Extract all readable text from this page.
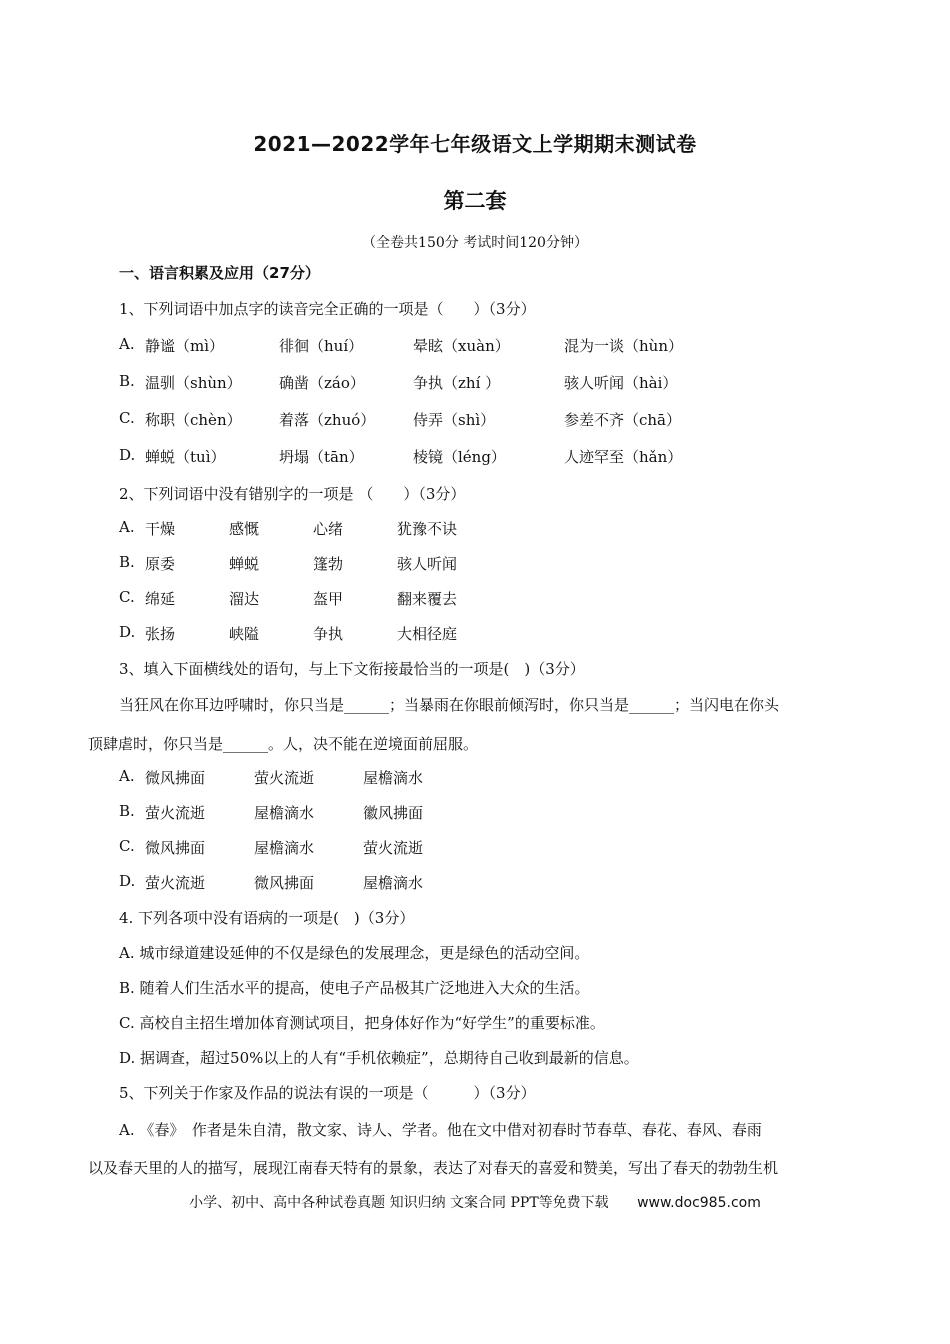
2021—2022学年七年级语文上学期期末测试卷
第二套
（全卷共150分 考试时间120分钟）
一、语言积累及应用（27分）
1、下列词语中加点字的读音完全正确的一项是（　　）（3分）
A. 静谧（mì）	徘徊（huí）	晕眩（xuàn）	混为一谈（hùn）
B. 温驯（shùn） 确凿（záo）	争执（zhí ）	骇人听闻（hài）
C. 称职（chèn） 着落（zhuó）	侍弄（shì）	参差不齐（chā）
D. 蝉蜕（tuì）	坍塌（tān）	棱镜（léng）	人迹罕至（hǎn）
2、下列词语中没有错别字的一项是 （　　）（3分）
A. 干燥	感慨	心绪	犹豫不诀
B. 原委	蝉蜕	篷勃	骇人听闻
C. 绵延	溜达	盔甲	翻来覆去
D. 张扬	峡隘	争执	大相径庭
3、填入下面横线处的语句，与上下文衔接最恰当的一项是(　)（3分）
当狂风在你耳边呼啸时，你只当是______；当暴雨在你眼前倾泻时，你只当是______；当闪电在你头
顶肆虐时，你只当是______。人，决不能在逆境面前屈服。
A. 微风拂面	萤火流逝	屋檐滴水
B. 萤火流逝	屋檐滴水	徽风拂面
C. 微风拂面	屋檐滴水	萤火流逝
D. 萤火流逝	微风拂面	屋檐滴水
4. 下列各项中没有语病的一项是(　)（3分）
A. 城市绿道建设延伸的不仅是绿色的发展理念，更是绿色的活动空间。
B. 随着人们生活水平的提高，使电子产品极其广泛地进入大众的生活。
C. 高校自主招生增加体育测试项目，把身体好作为“好学生”的重要标准。
D. 据调查，超过50%以上的人有“手机依赖症”，总期待自己收到最新的信息。
5、下列关于作家及作品的说法有误的一项是（　　　）（3分）
A. 《春》　作者是朱自清，散文家、诗人、学者。他在文中借对初春时节春草、春花、春风、春雨
以及春天里的人的描写，展现江南春天特有的景象，表达了对春天的喜爱和赞美，写出了春天的勃勃生机
小学、初中、高中各种试卷真题 知识归纳 文案合同 PPT等免费下载 www.doc985.com
